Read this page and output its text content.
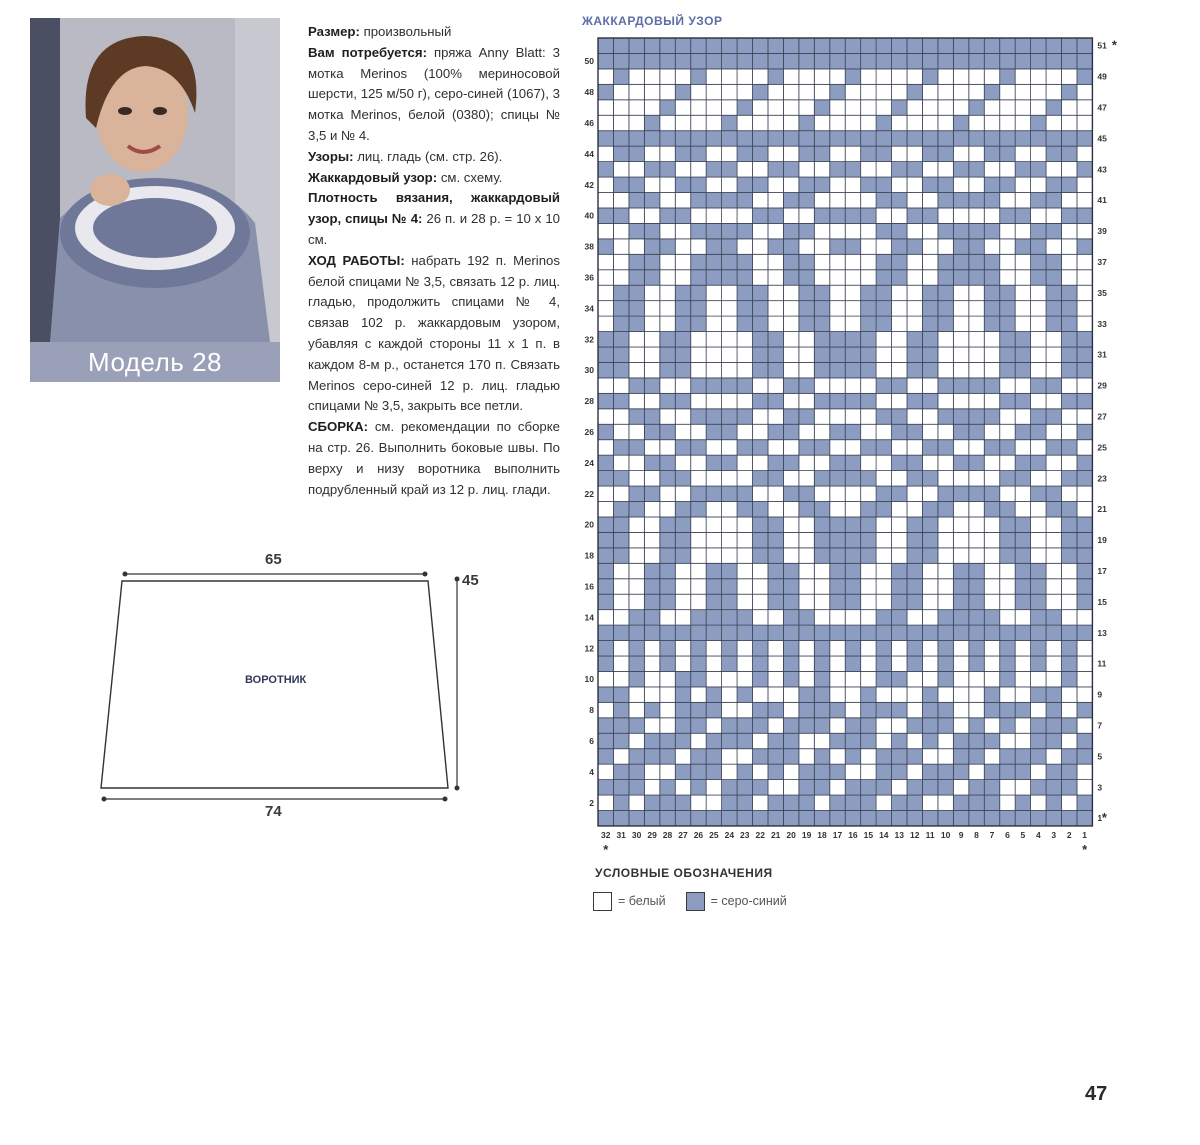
Модель 28

Размер: произвольный

Вам потребуется: пряжа Anny Blatt: 3 мотка Merinos (100% мериносовой шерсти, 125 м/50 г), серо-синей (1067), 3 мотка Merinos, белой (0380); спицы № 3,5 и № 4.

Узоры: лиц. гладь (см. стр. 26).

Жаккардовый узор: см. схему.

Плотность вязания, жаккардовый узор, спицы № 4: 26 п. и 28 р. = 10 х 10 см.

ХОД РАБОТЫ: набрать 192 п. Merinos белой спицами № 3,5, связать 12 р. лиц. гладью, продолжить спицами № 4, связав 102 р. жаккардовым узором, убавляя с каждой стороны 11 х 1 п. в каждом 8-м р., останется 170 п. Связать Merinos серо-синей 12 р. лиц. гладью спицами № 3,5, закрыть все петли.

СБОРКА: см. рекомендации по сборке на стр. 26. Выполнить боковые швы. По верху и низу воротника выполнить подрубленный край из 12 р. лиц. глади.

65
74
45
ВОРОТНИК
ЖАККАРДОВЫЙ УЗОР
32 31 30 29 28 27 26 25 24 23 22 21 20 19 18 17 16 15 14 13 12 11 10 9 8 7 6 5 4 3 2 1
2
4
6
8
10
12
14
16
18
20
22
24
26
28
30
32
34
36
38
40
42
44
46
48
50
1
3
5
7
9
11
13
15
17
19
21
23
25
27
29
31
33
35
37
39
41
43
45
47
49
51 *
*
*	*
УСЛОВНЫЕ ОБОЗНАЧЕНИЯ
= белый	= серо-синий
47
